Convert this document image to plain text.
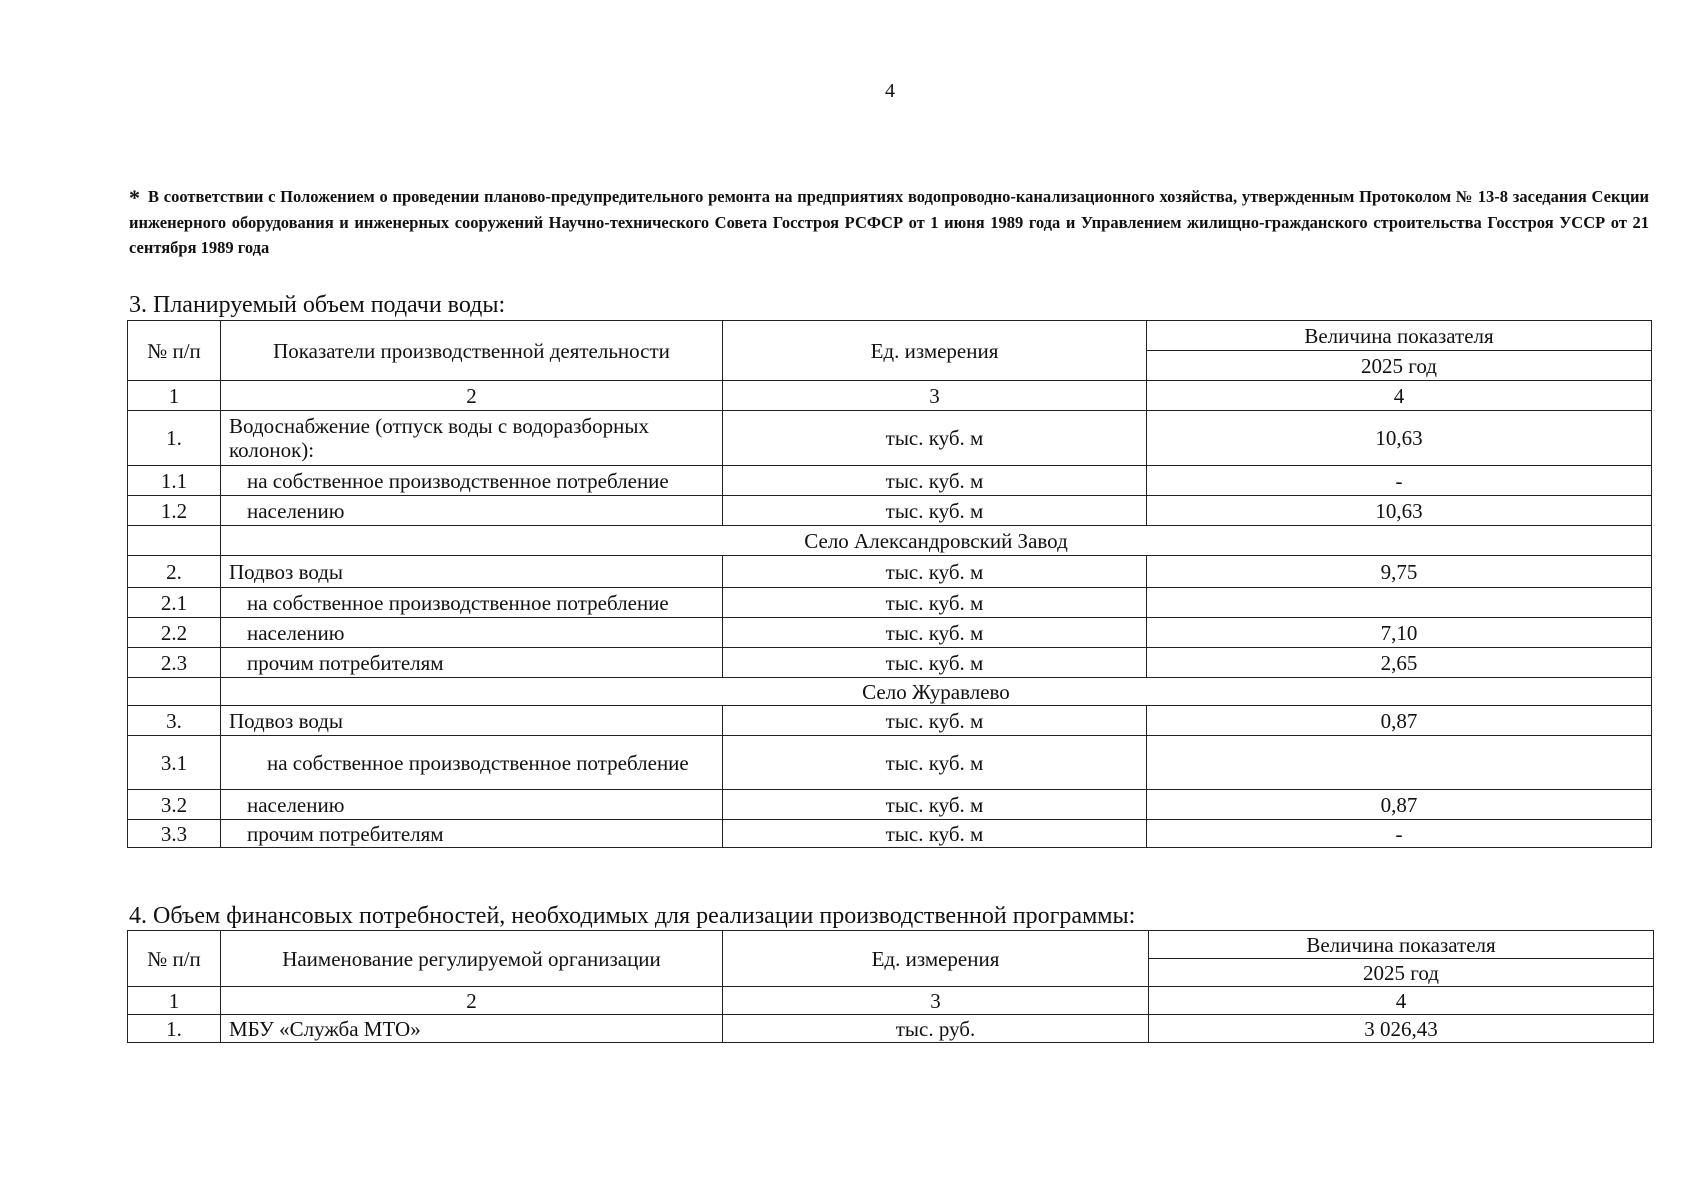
4
* В соответствии с Положением о проведении планово-предупредительного ремонта на предприятиях водопроводно-канализационного хозяйства, утвержденным Протоколом № 13-8 заседания Секции инженерного оборудования и инженерных сооружений Научно-технического Совета Госстроя РСФСР от 1 июня 1989 года и Управлением жилищно-гражданского строительства Госстроя УССР от 21 сентября 1989 года
3. Планируемый объем подачи воды:
№ п/п	Показатели производственной деятельности	Ед. измерения	Величина показателя
			2025 год
1	2	3	4
1.	Водоснабжение (отпуск воды с водоразборных колонок):	тыс. куб. м	10,63
1.1	на собственное производственное потребление	тыс. куб. м	-
1.2	населению	тыс. куб. м	10,63
	Село Александровский Завод		
2.	Подвоз воды	тыс. куб. м	9,75
2.1	на собственное производственное потребление	тыс. куб. м	
2.2	населению	тыс. куб. м	7,10
2.3	прочим потребителям	тыс. куб. м	2,65
	Село Журавлево		
3.	Подвоз воды	тыс. куб. м	0,87
3.1	на собственное производственное потребление	тыс. куб. м	
3.2	населению	тыс. куб. м	0,87
3.3	прочим потребителям	тыс. куб. м	-
4. Объем финансовых потребностей, необходимых для реализации производственной программы:
№ п/п	Наименование регулируемой организации	Ед. измерения	Величина показателя
			2025 год
1	2	3	4
1.	МБУ «Служба МТО»	тыс. руб.	3 026,43
